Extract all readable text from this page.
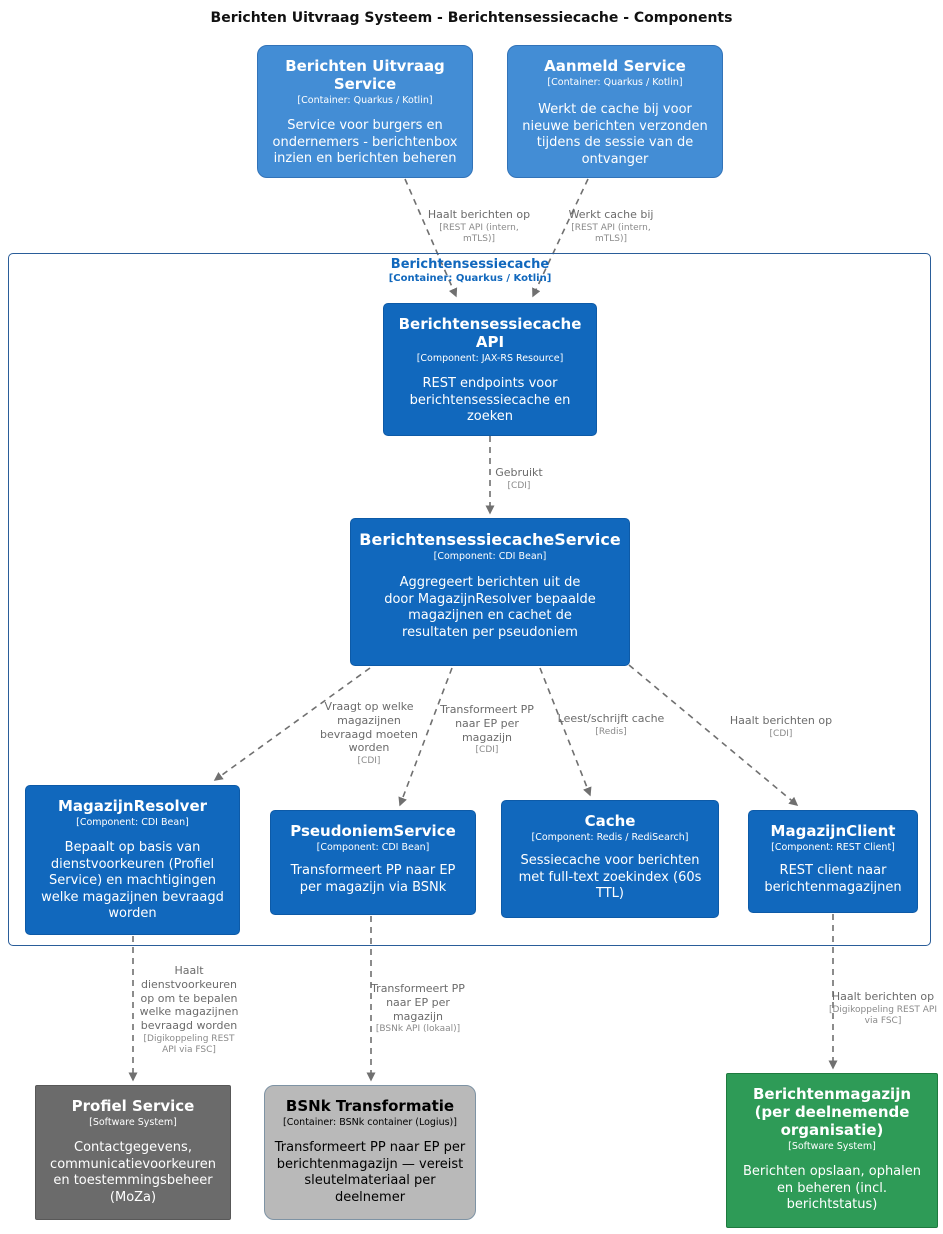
Berichten Uitvraag Systeem - Berichtensessiecache - Components
Berichtensessiecache
[Container: Quarkus / Kotlin]
Berichten Uitvraag Service
[Container: Quarkus / Kotlin]
Service voor burgers en ondernemers - berichtenbox inzien en berichten beheren
Aanmeld Service
[Container: Quarkus / Kotlin]
Werkt de cache bij voor nieuwe berichten verzonden tijdens de sessie van de ontvanger
Berichtensessiecache API
[Component: JAX-RS Resource]
REST endpoints voor berichtensessiecache en zoeken
BerichtensessiecacheService
[Component: CDI Bean]
Aggregeert berichten uit de door MagazijnResolver bepaalde magazijnen en cachet de resultaten per pseudoniem
MagazijnResolver
[Component: CDI Bean]
Bepaalt op basis van dienstvoorkeuren (Profiel Service) en machtigingen welke magazijnen bevraagd worden
PseudoniemService
[Component: CDI Bean]
Transformeert PP naar EP per magazijn via BSNk
Cache
[Component: Redis / RediSearch]
Sessiecache voor berichten met full-text zoekindex (60s TTL)
MagazijnClient
[Component: REST Client]
REST client naar berichtenmagazijnen
Profiel Service
[Software System]
Contactgegevens, communicatievoorkeuren en toestemmingsbeheer (MoZa)
BSNk Transformatie
[Container: BSNk container (Logius)]
Transformeert PP naar EP per berichtenmagazijn — vereist sleutelmateriaal per deelnemer
Berichtenmagazijn (per deelnemende organisatie)
[Software System]
Berichten opslaan, ophalen en beheren (incl. berichtstatus)
Haalt berichten op
[REST API (intern, mTLS)]
Werkt cache bij
[REST API (intern, mTLS)]
Gebruikt
[CDI]
Vraagt op welke magazijnen bevraagd moeten worden
[CDI]
Transformeert PP naar EP per magazijn
[CDI]
Leest/schrijft cache
[Redis]
Haalt berichten op
[CDI]
Haalt dienstvoorkeuren op om te bepalen welke magazijnen bevraagd worden
[Digikoppeling REST API via FSC]
Transformeert PP naar EP per magazijn
[BSNk API (lokaal)]
Haalt berichten op
[Digikoppeling REST API via FSC]
